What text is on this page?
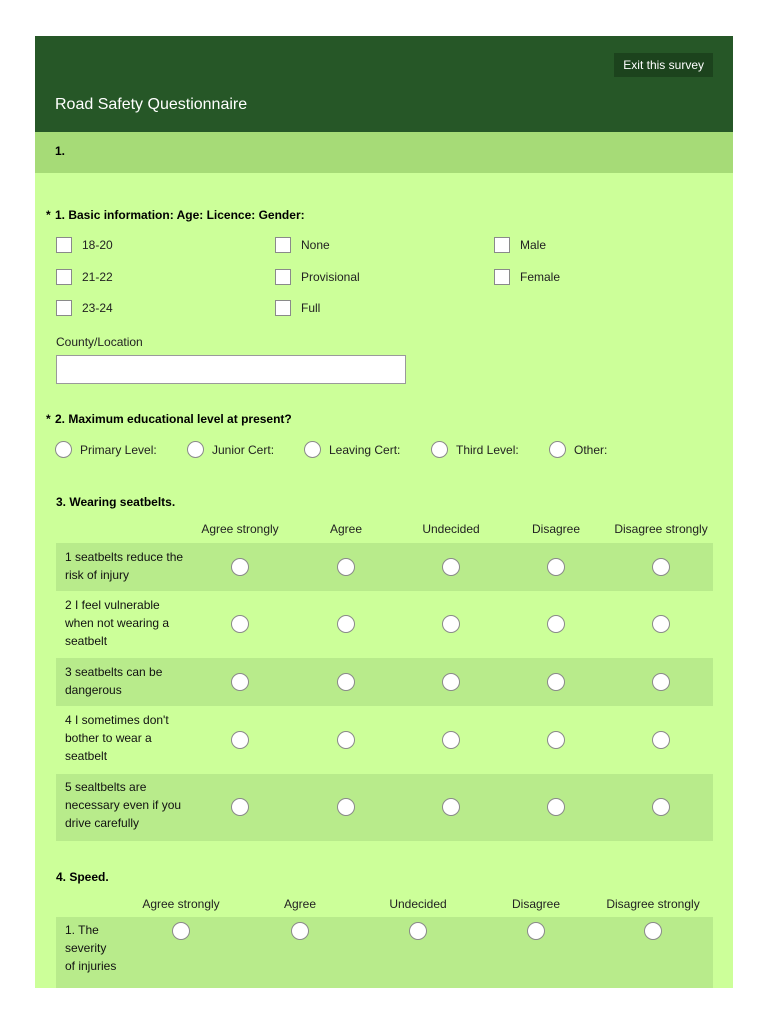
Exit this survey
Road Safety Questionnaire
1.
* 1. Basic information: Age: Licence: Gender:
18-20	None	Male
21-22	Provisional	Female
23-24	Full
County/Location
* 2. Maximum educational level at present?
Primary Level:	Junior Cert:	Leaving Cert:	Third Level:	Other:
3. Wearing seatbelts.
Agree strongly	Agree	Undecided	Disagree	Disagree strongly
1 seatbelts reduce the
risk of injury
2 I feel vulnerable
when not wearing a
seatbelt
3 seatbelts can be
dangerous
4 I sometimes don't
bother to wear a
seatbelt
5 sealtbelts are
necessary even if you
drive carefully
4. Speed.
Agree strongly	Agree	Undecided	Disagree	Disagree strongly
1. The
severity
of injuries
